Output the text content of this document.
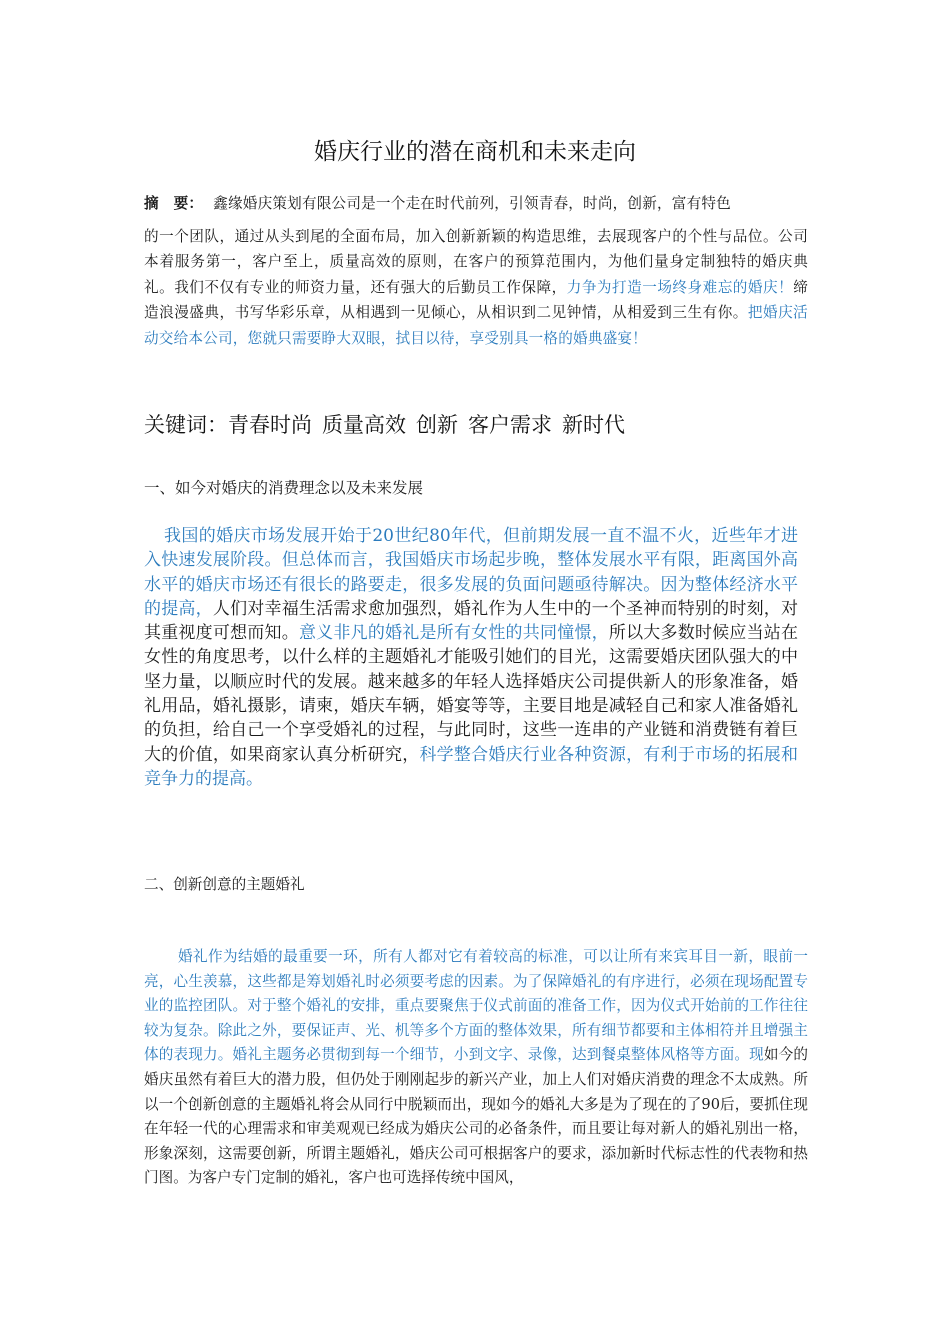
婚庆行业的潜在商机和未来走向
摘　要： 鑫缘婚庆策划有限公司是一个走在时代前列，引领青春，时尚，创新，富有特色
的一个团队，通过从头到尾的全面布局，加入创新新颖的构造思维，去展现客户的个性与品位。公司本着服务第一，客户至上，质量高效的原则，在客户的预算范围内，为他们量身定制独特的婚庆典礼。我们不仅有专业的师资力量，还有强大的后勤员工作保障，力争为打造一场终身难忘的婚庆！缔造浪漫盛典，书写华彩乐章，从相遇到一见倾心，从相识到二见钟情，从相爱到三生有你。把婚庆活动交给本公司，您就只需要睁大双眼，拭目以待，享受别具一格的婚典盛宴！
关键词：青春时尚 质量高效 创新 客户需求 新时代
一、如今对婚庆的消费理念以及未来发展
我国的婚庆市场发展开始于20世纪80年代，但前期发展一直不温不火，近些年才进入快速发展阶段。但总体而言，我国婚庆市场起步晚，整体发展水平有限，距离国外高水平的婚庆市场还有很长的路要走，很多发展的负面问题亟待解决。因为整体经济水平的提高，人们对幸福生活需求愈加强烈，婚礼作为人生中的一个圣神而特别的时刻，对其重视度可想而知。意义非凡的婚礼是所有女性的共同憧憬，所以大多数时候应当站在女性的角度思考，以什么样的主题婚礼才能吸引她们的目光，这需要婚庆团队强大的中坚力量，以顺应时代的发展。越来越多的年轻人选择婚庆公司提供新人的形象准备，婚礼用品，婚礼摄影，请柬，婚庆车辆，婚宴等等，主要目地是减轻自己和家人准备婚礼的负担，给自己一个享受婚礼的过程，与此同时，这些一连串的产业链和消费链有着巨大的价值，如果商家认真分析研究，科学整合婚庆行业各种资源，有利于市场的拓展和竞争力的提高。
二、创新创意的主题婚礼
婚礼作为结婚的最重要一环，所有人都对它有着较高的标准，可以让所有来宾耳目一新，眼前一亮，心生羡慕，这些都是筹划婚礼时必须要考虑的因素。为了保障婚礼的有序进行，必须在现场配置专业的监控团队。对于整个婚礼的安排，重点要聚焦于仪式前面的准备工作，因为仪式开始前的工作往往较为复杂。除此之外，要保证声、光、机等多个方面的整体效果，所有细节都要和主体相符并且增强主体的表现力。婚礼主题务必贯彻到每一个细节，小到文字、录像，达到餐桌整体风格等方面。现如今的婚庆虽然有着巨大的潜力股，但仍处于刚刚起步的新兴产业，加上人们对婚庆消费的理念不太成熟。所以一个创新创意的主题婚礼将会从同行中脱颖而出，现如今的婚礼大多是为了现在的了90后，要抓住现在年轻一代的心理需求和审美观观已经成为婚庆公司的必备条件，而且要让每对新人的婚礼别出一格，形象深刻，这需要创新，所谓主题婚礼，婚庆公司可根据客户的要求，添加新时代标志性的代表物和热门图。为客户专门定制的婚礼，客户也可选择传统中国风，
